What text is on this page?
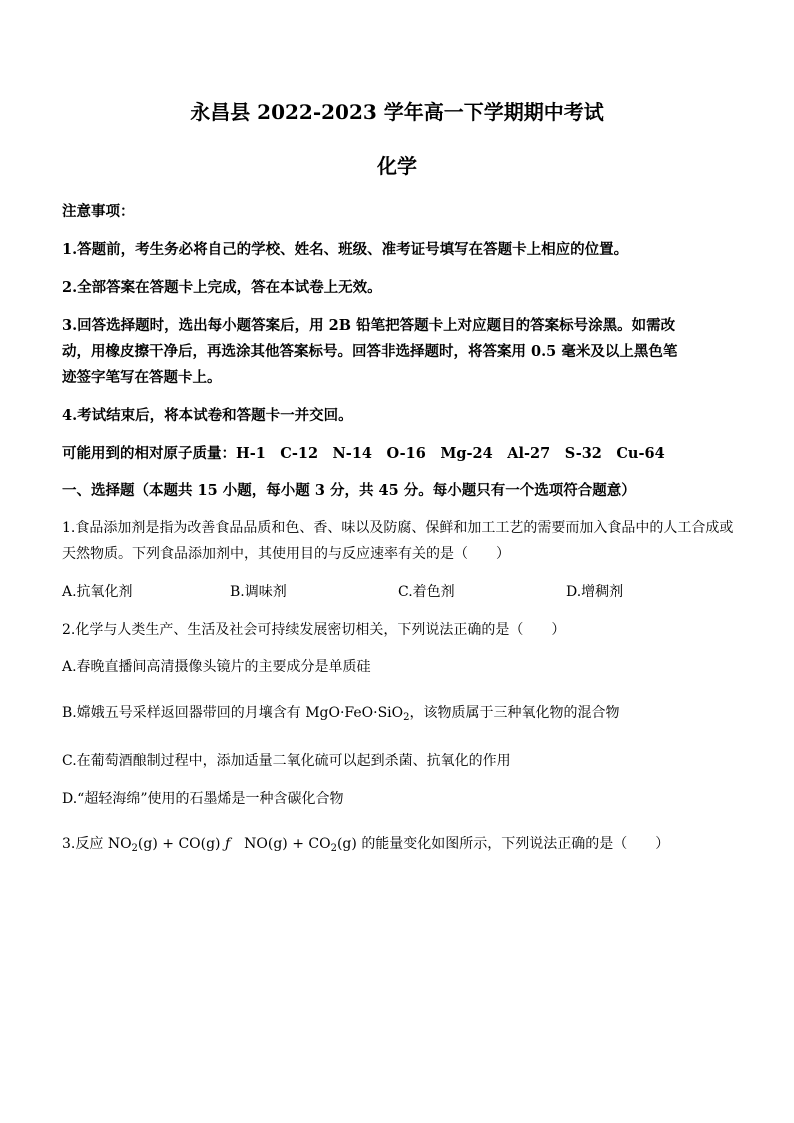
永昌县 2022-2023 学年高一下学期期中考试
化学
注意事项：
1.答题前，考生务必将自己的学校、姓名、班级、准考证号填写在答题卡上相应的位置。
2.全部答案在答题卡上完成，答在本试卷上无效。
3.回答选择题时，选出每小题答案后，用 2B 铅笔把答题卡上对应题目的答案标号涂黑。如需改
动，用橡皮擦干净后，再选涂其他答案标号。回答非选择题时，将答案用 0.5 毫米及以上黑色笔
迹签字笔写在答题卡上。
4.考试结束后，将本试卷和答题卡一并交回。
可能用到的相对原子质量：H-1　C-12　N-14　O-16　Mg-24　Al-27　S-32　Cu-64
一、选择题（本题共 15 小题，每小题 3 分，共 45 分。每小题只有一个选项符合题意）
1.食品添加剂是指为改善食品品质和色、香、味以及防腐、保鲜和加工工艺的需要而加入食品中的人工合成或
天然物质。下列食品添加剂中，其使用目的与反应速率有关的是（　　）
A.抗氧化剂	B.调味剂	C.着色剂	D.增稠剂
2.化学与人类生产、生活及社会可持续发展密切相关，下列说法正确的是（　　）
A.春晚直播间高清摄像头镜片的主要成分是单质硅
B.嫦娥五号采样返回器带回的月壤含有 MgO·FeO·SiO$_2$，该物质属于三种氧化物的混合物
C.在葡萄酒酿制过程中，添加适量二氧化硫可以起到杀菌、抗氧化的作用
D.“超轻海绵”使用的石墨烯是一种含碳化合物
3.反应 $NO_2(g) + CO(g)$ ƒ　$NO(g) + CO_2(g)$ 的能量变化如图所示，下列说法正确的是（　　）
